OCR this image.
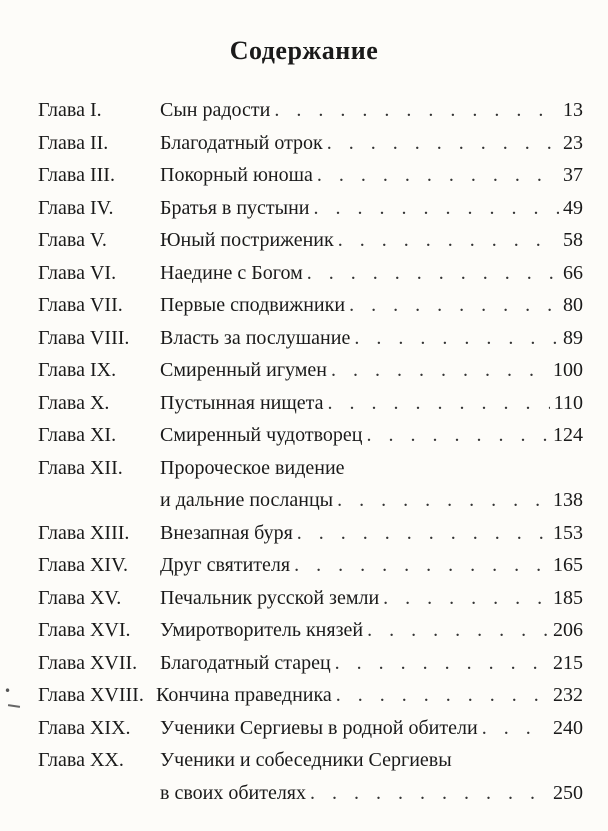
Содержание
Глава I.	Сын радости . . .	13
Глава II.	Благодатный отрок . . .	23
Глава III.	Покорный юноша . . .	37
Глава IV.	Братья в пустыни . . .	49
Глава V.	Юный постриженик . . .	58
Глава VI.	Наедине с Богом . . .	66
Глава VII.	Первые сподвижники . . .	80
Глава VIII.	Власть за послушание . . .	89
Глава IX.	Смиренный игумен . . .	100
Глава X.	Пустынная нищета . . .	110
Глава XI.	Смиренный чудотворец . . .	124
Глава XII.	Пророческое видение
и дальние посланцы . . .	138
Глава XIII.	Внезапная буря . . .	153
Глава XIV.	Друг святителя . . .	165
Глава XV.	Печальник русской земли . . .	185
Глава XVI.	Умиротворитель князей . . .	206
Глава XVII.	Благодатный старец . . .	215
Глава XVIII. Кончина праведника . . .	232
Глава XIX.	Ученики Сергиевы в родной обители . . .	240
Глава XX.	Ученики и собеседники Сергиевы
в своих обителях . . .	250
•
